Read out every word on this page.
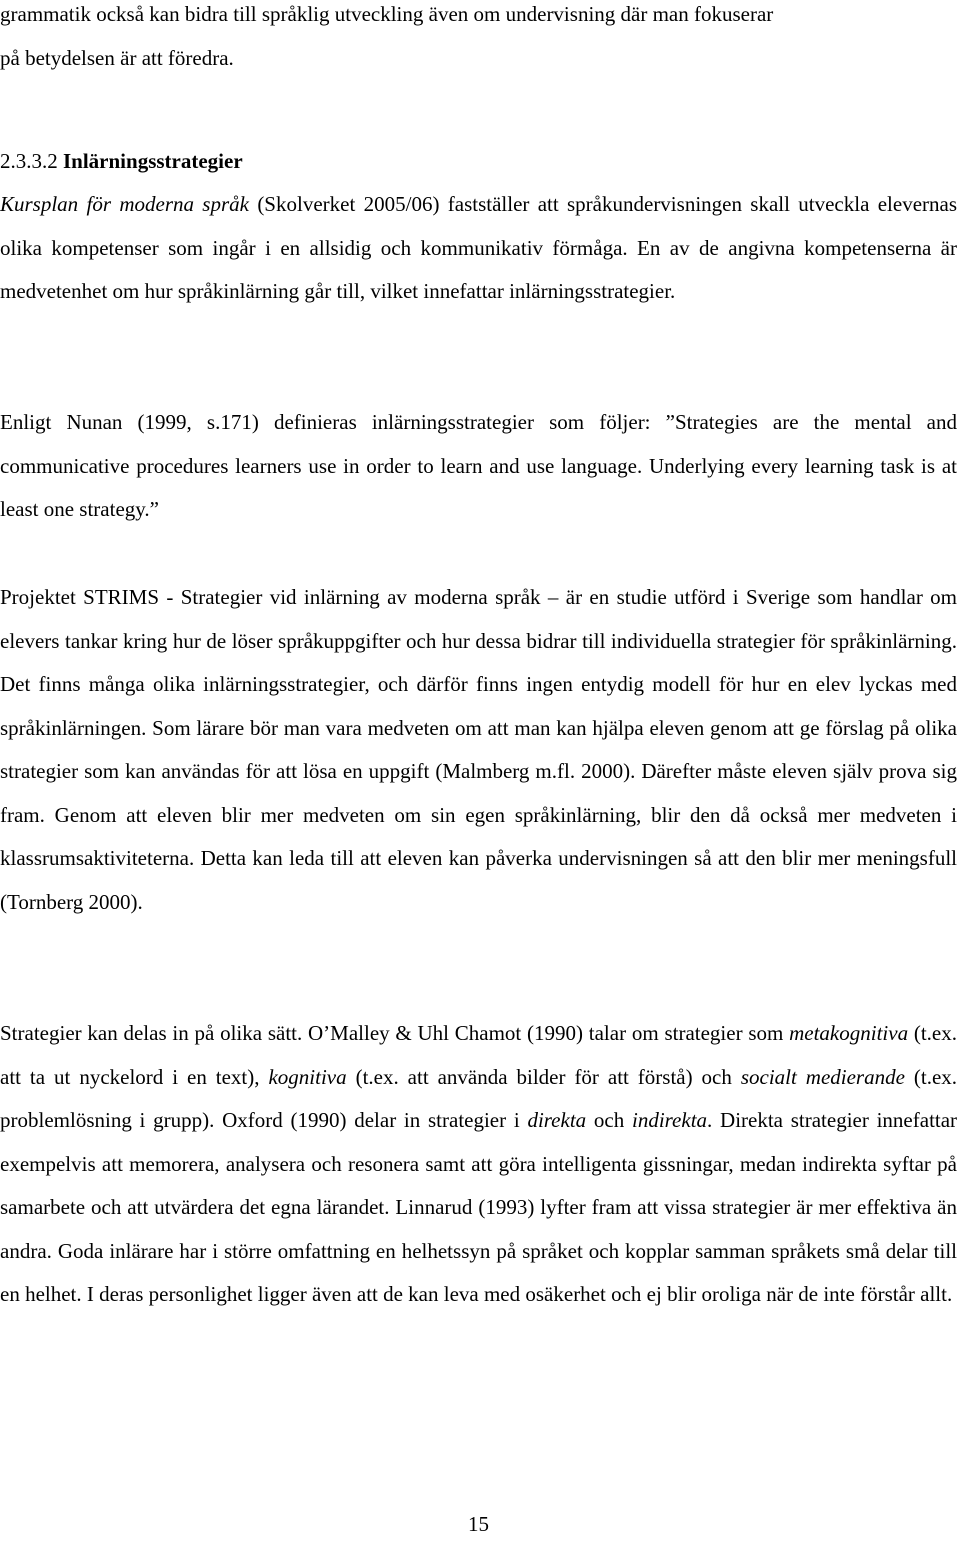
grammatik också kan bidra till språklig utveckling även om undervisning där man fokuserar
på betydelsen är att föredra.

2.3.3.2 Inlärningsstrategier

Kursplan för moderna språk (Skolverket 2005/06) fastställer att språkundervisningen skall utveckla elevernas olika kompetenser som ingår i en allsidig och kommunikativ förmåga. En av de angivna kompetenserna är medvetenhet om hur språkinlärning går till, vilket innefattar inlärningsstrategier.

Enligt Nunan (1999, s.171) definieras inlärningsstrategier som följer: ”Strategies are the mental and communicative procedures learners use in order to learn and use language. Underlying every learning task is at least one strategy.”

Projektet STRIMS - Strategier vid inlärning av moderna språk – är en studie utförd i Sverige som handlar om elevers tankar kring hur de löser språkuppgifter och hur dessa bidrar till individuella strategier för språkinlärning. Det finns många olika inlärningsstrategier, och därför finns ingen entydig modell för hur en elev lyckas med språkinlärningen. Som lärare bör man vara medveten om att man kan hjälpa eleven genom att ge förslag på olika strategier som kan användas för att lösa en uppgift (Malmberg m.fl. 2000). Därefter måste eleven själv prova sig fram. Genom att eleven blir mer medveten om sin egen språkinlärning, blir den då också mer medveten i klassrumsaktiviteterna. Detta kan leda till att eleven kan påverka undervisningen så att den blir mer meningsfull (Tornberg 2000).

Strategier kan delas in på olika sätt. O’Malley & Uhl Chamot (1990) talar om strategier som metakognitiva (t.ex. att ta ut nyckelord i en text), kognitiva (t.ex. att använda bilder för att förstå) och socialt medierande (t.ex. problemlösning i grupp). Oxford (1990) delar in strategier i direkta och indirekta. Direkta strategier innefattar exempelvis att memorera, analysera och resonera samt att göra intelligenta gissningar, medan indirekta syftar på samarbete och att utvärdera det egna lärandet. Linnarud (1993) lyfter fram att vissa strategier är mer effektiva än andra. Goda inlärare har i större omfattning en helhetssyn på språket och kopplar samman språkets små delar till en helhet. I deras personlighet ligger även att de kan leva med osäkerhet och ej blir oroliga när de inte förstår allt.

15
